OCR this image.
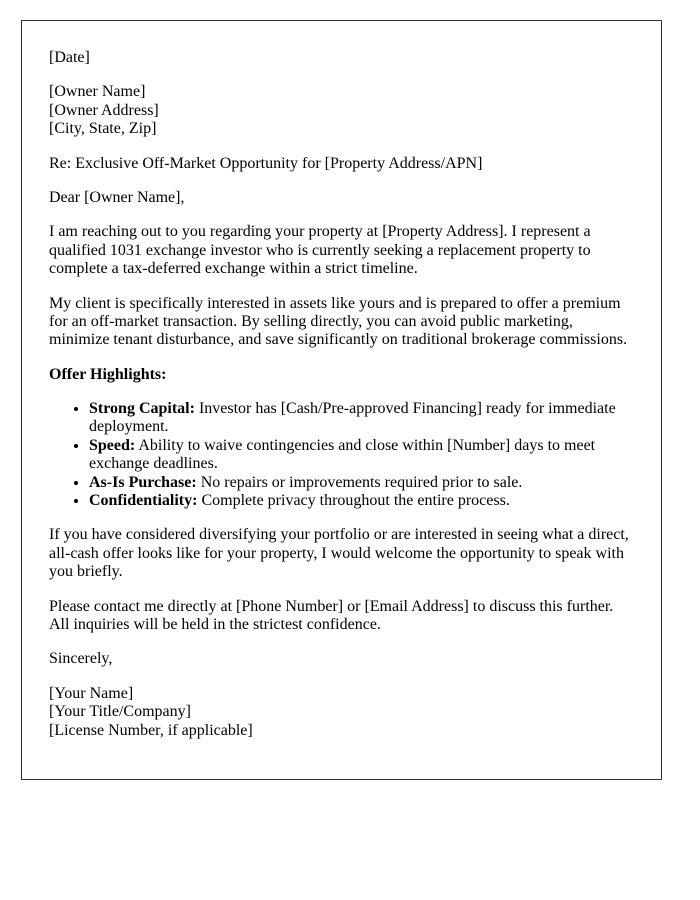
[Date]

[Owner Name]
[Owner Address]
[City, State, Zip]

Re: Exclusive Off-Market Opportunity for [Property Address/APN]

Dear [Owner Name],

I am reaching out to you regarding your property at [Property Address]. I represent a qualified 1031 exchange investor who is currently seeking a replacement property to complete a tax-deferred exchange within a strict timeline.

My client is specifically interested in assets like yours and is prepared to offer a premium for an off-market transaction. By selling directly, you can avoid public marketing, minimize tenant disturbance, and save significantly on traditional brokerage commissions.

Offer Highlights:

• Strong Capital: Investor has [Cash/Pre-approved Financing] ready for immediate deployment.
• Speed: Ability to waive contingencies and close within [Number] days to meet exchange deadlines.
• As-Is Purchase: No repairs or improvements required prior to sale.
• Confidentiality: Complete privacy throughout the entire process.

If you have considered diversifying your portfolio or are interested in seeing what a direct, all-cash offer looks like for your property, I would welcome the opportunity to speak with you briefly.

Please contact me directly at [Phone Number] or [Email Address] to discuss this further. All inquiries will be held in the strictest confidence.

Sincerely,

[Your Name]
[Your Title/Company]
[License Number, if applicable]
